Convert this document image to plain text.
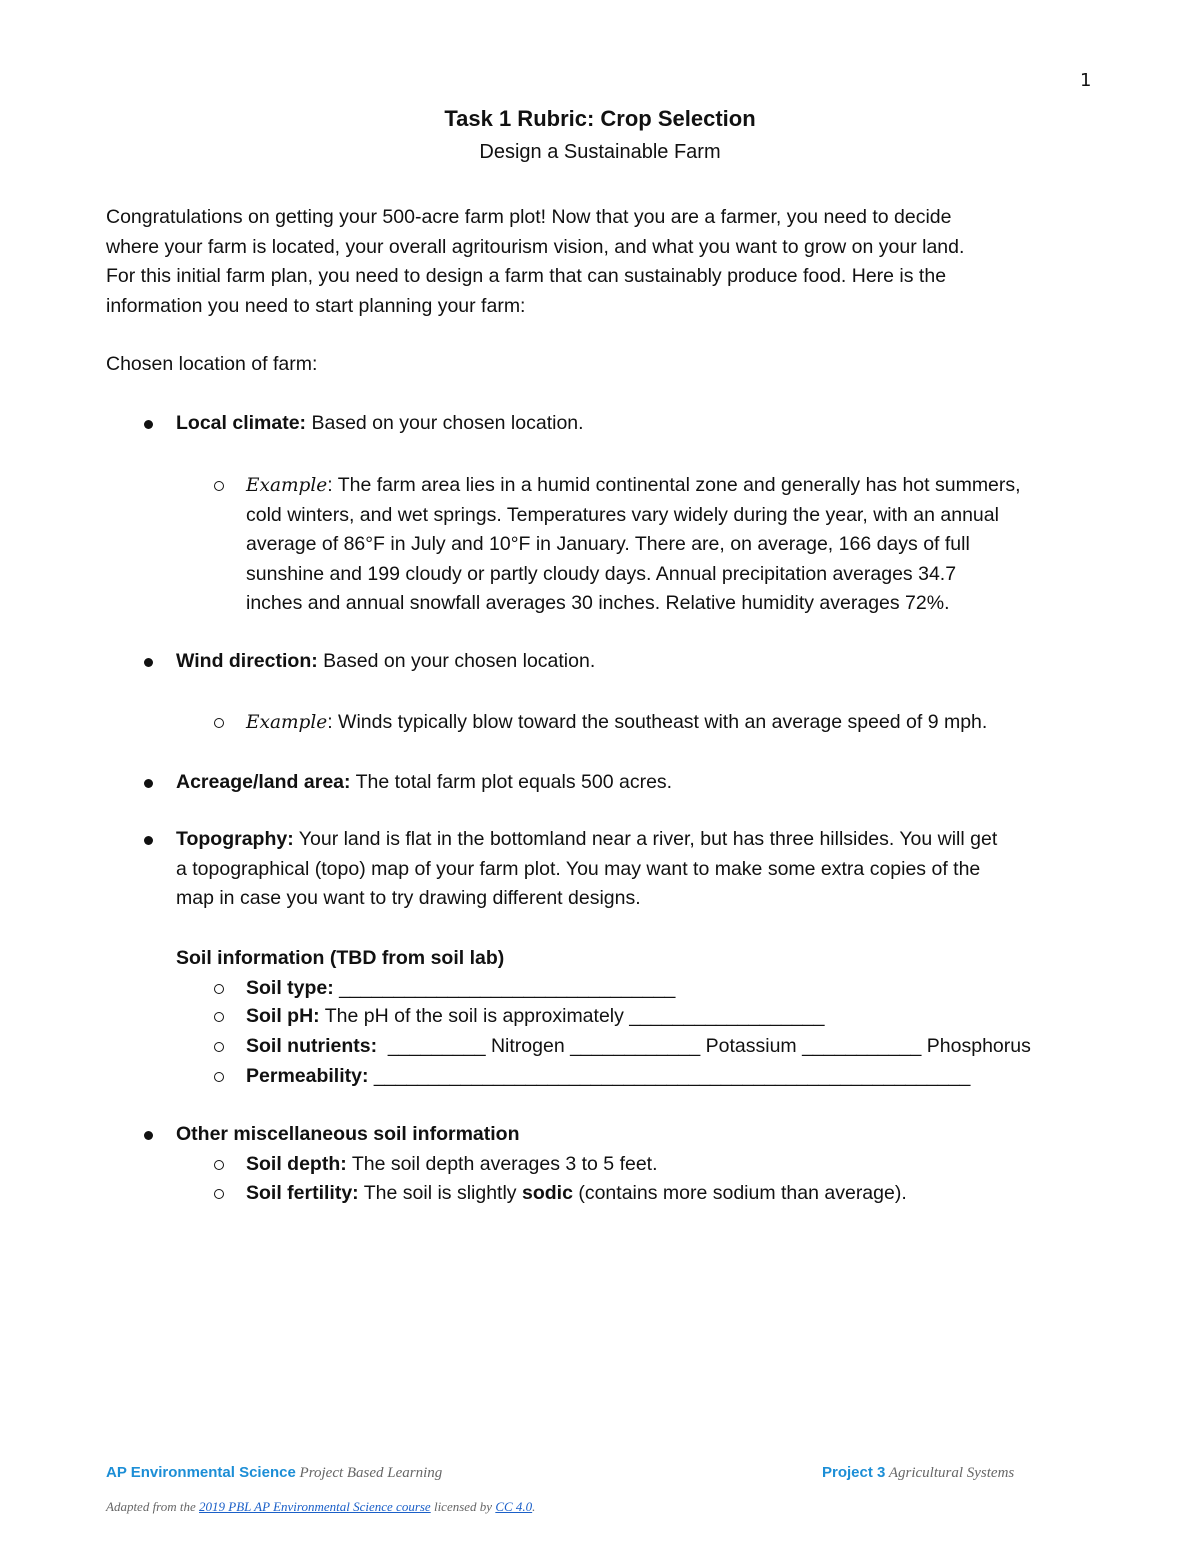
1
Task 1 Rubric: Crop Selection
Design a Sustainable Farm
Congratulations on getting your 500-acre farm plot! Now that you are a farmer, you need to decide
where your farm is located, your overall agritourism vision, and what you want to grow on your land.
For this initial farm plan, you need to design a farm that can sustainably produce food. Here is the
information you need to start planning your farm:
Chosen location of farm:
Local climate: Based on your chosen location.
Example: The farm area lies in a humid continental zone and generally has hot summers,
cold winters, and wet springs. Temperatures vary widely during the year, with an annual
average of 86°F in July and 10°F in January. There are, on average, 166 days of full
sunshine and 199 cloudy or partly cloudy days. Annual precipitation averages 34.7
inches and annual snowfall averages 30 inches. Relative humidity averages 72%.
Wind direction: Based on your chosen location.
Example: Winds typically blow toward the southeast with an average speed of 9 mph.
Acreage/land area: The total farm plot equals 500 acres.
Topography: Your land is flat in the bottomland near a river, but has three hillsides. You will get
a topographical (topo) map of your farm plot. You may want to make some extra copies of the
map in case you want to try drawing different designs.
Soil information (TBD from soil lab)
Soil type: _______________________________
Soil pH: The pH of the soil is approximately __________________
Soil nutrients:  _________ Nitrogen ____________ Potassium ___________ Phosphorus
Permeability: _______________________________________________________
Other miscellaneous soil information
Soil depth: The soil depth averages 3 to 5 feet.
Soil fertility: The soil is slightly sodic (contains more sodium than average).
AP Environmental Science Project Based Learning	Project 3 Agricultural Systems
Adapted from the 2019 PBL AP Environmental Science course licensed by CC 4.0.
